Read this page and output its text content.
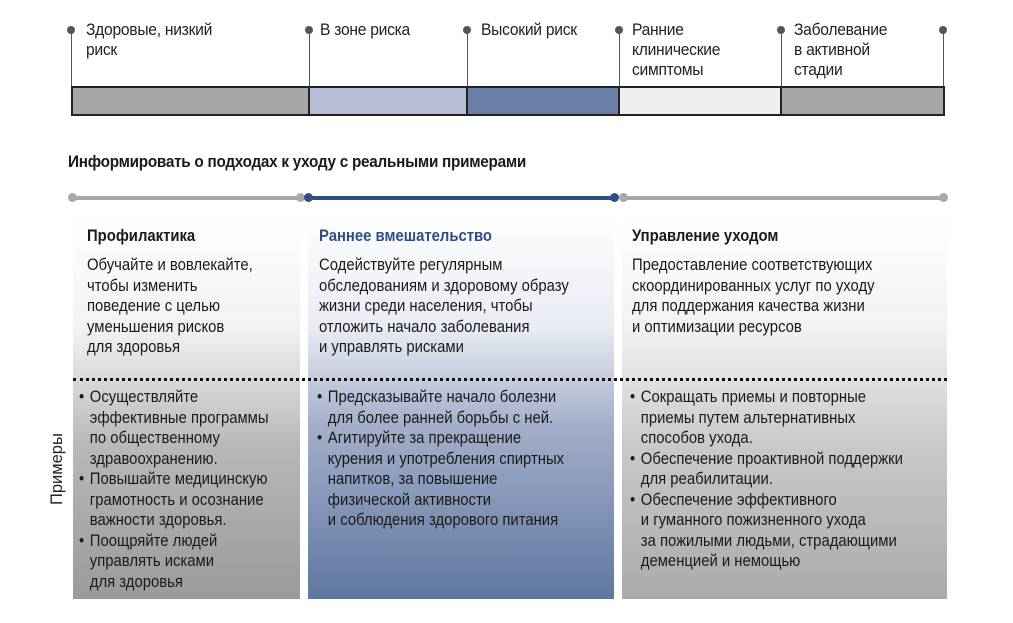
Здоровые, низкий
риск
В зоне риска	Высокий риск	Ранние
клинические
симптомы
Заболевание
в активной
стадии
Информировать о подходах к уходу с реальными примерами
Профилактика
Обучайте и вовлекайте,
чтобы изменить
поведение с целью
уменьшения рисков
для здоровья
• Осуществляйте
эффективные программы
по общественному
здравоохранению.
• Повышайте медицинскую
грамотность и осознание
важности здоровья.
• Поощряйте людей
управлять исками
для здоровья
Раннее вмешательство
Содействуйте регулярным
обследованиям и здоровому образу
жизни среди населения, чтобы
отложить начало заболевания
и управлять рисками
• Предсказывайте начало болезни
для более ранней борьбы с ней.
• Агитируйте за прекращение
курения и употребления спиртных
напитков, за повышение
физической активности
и соблюдения здорового питания
Управление уходом
Предоставление соответствующих
скоординированных услуг по уходу
для поддержания качества жизни
и оптимизации ресурсов
• Сокращать приемы и повторные
приемы путем альтернативных
способов ухода.
• Обеспечение проактивной поддержки
для реабилитации.
• Обеспечение эффективного
и гуманного пожизненного ухода
за пожилыми людьми, страдающими
деменцией и немощью
Примеры
